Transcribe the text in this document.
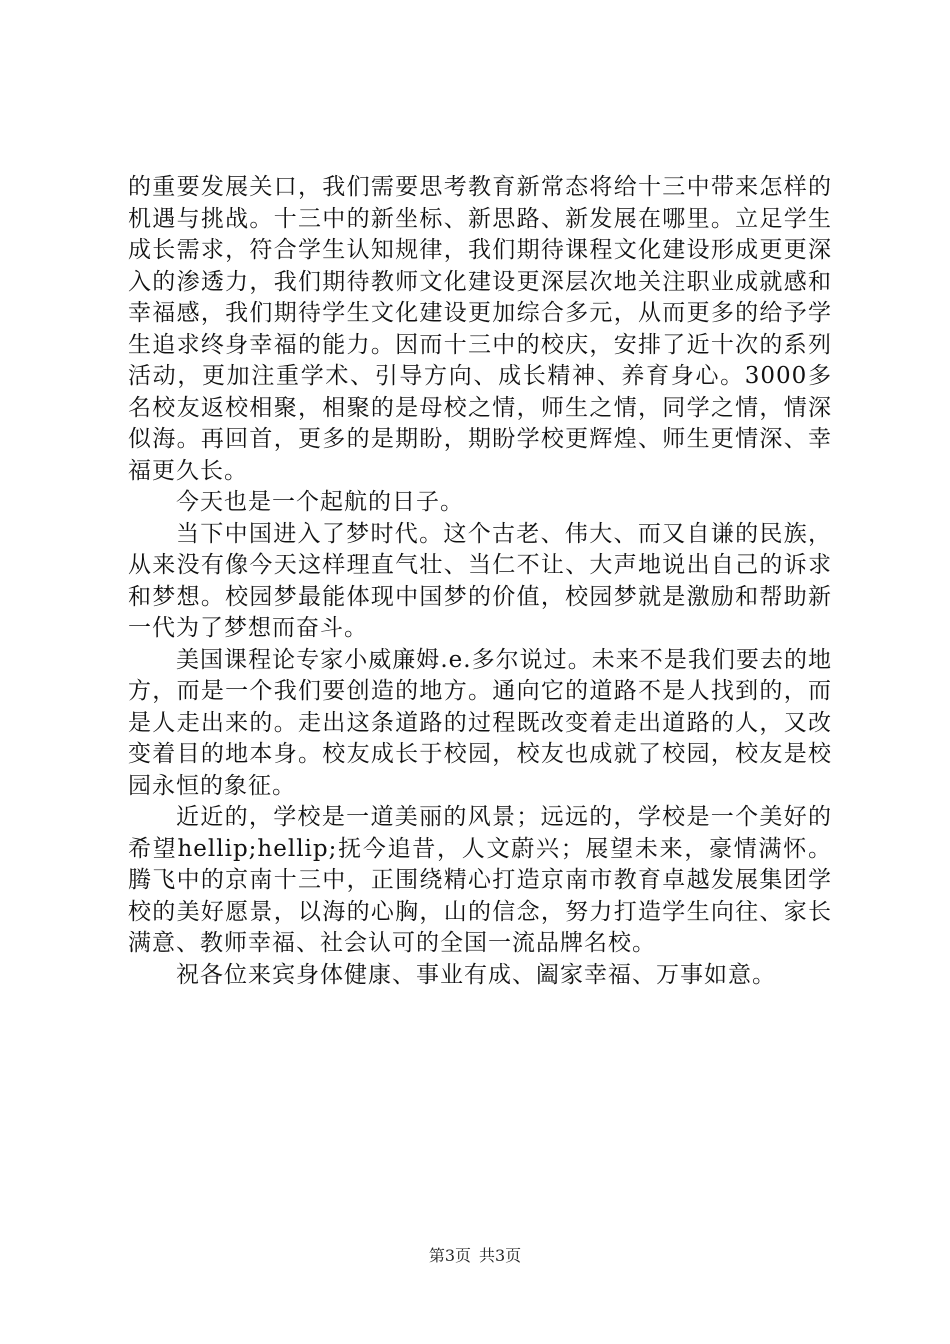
的重要发展关口，我们需要思考教育新常态将给十三中带来怎样的机遇与挑战。十三中的新坐标、新思路、新发展在哪里。立足学生成长需求，符合学生认知规律，我们期待课程文化建设形成更更深入的渗透力，我们期待教师文化建设更深层次地关注职业成就感和幸福感，我们期待学生文化建设更加综合多元，从而更多的给予学生追求终身幸福的能力。因而十三中的校庆，安排了近十次的系列活动，更加注重学术、引导方向、成长精神、养育身心。3000多名校友返校相聚，相聚的是母校之情，师生之情，同学之情，情深似海。再回首，更多的是期盼，期盼学校更辉煌、师生更情深、幸福更久长。

今天也是一个起航的日子。

当下中国进入了梦时代。这个古老、伟大、而又自谦的民族，从来没有像今天这样理直气壮、当仁不让、大声地说出自己的诉求和梦想。校园梦最能体现中国梦的价值，校园梦就是激励和帮助新一代为了梦想而奋斗。

美国课程论专家小威廉姆.e.多尔说过。未来不是我们要去的地方，而是一个我们要创造的地方。通向它的道路不是人找到的，而是人走出来的。走出这条道路的过程既改变着走出道路的人，又改变着目的地本身。校友成长于校园，校友也成就了校园，校友是校园永恒的象征。

近近的，学校是一道美丽的风景；远远的，学校是一个美好的希望hellip;hellip;抚今追昔，人文蔚兴；展望未来，豪情满怀。腾飞中的京南十三中，正围绕精心打造京南市教育卓越发展集团学校的美好愿景，以海的心胸，山的信念，努力打造学生向往、家长满意、教师幸福、社会认可的全国一流品牌名校。

祝各位来宾身体健康、事业有成、阖家幸福、万事如意。

第3页 共3页
